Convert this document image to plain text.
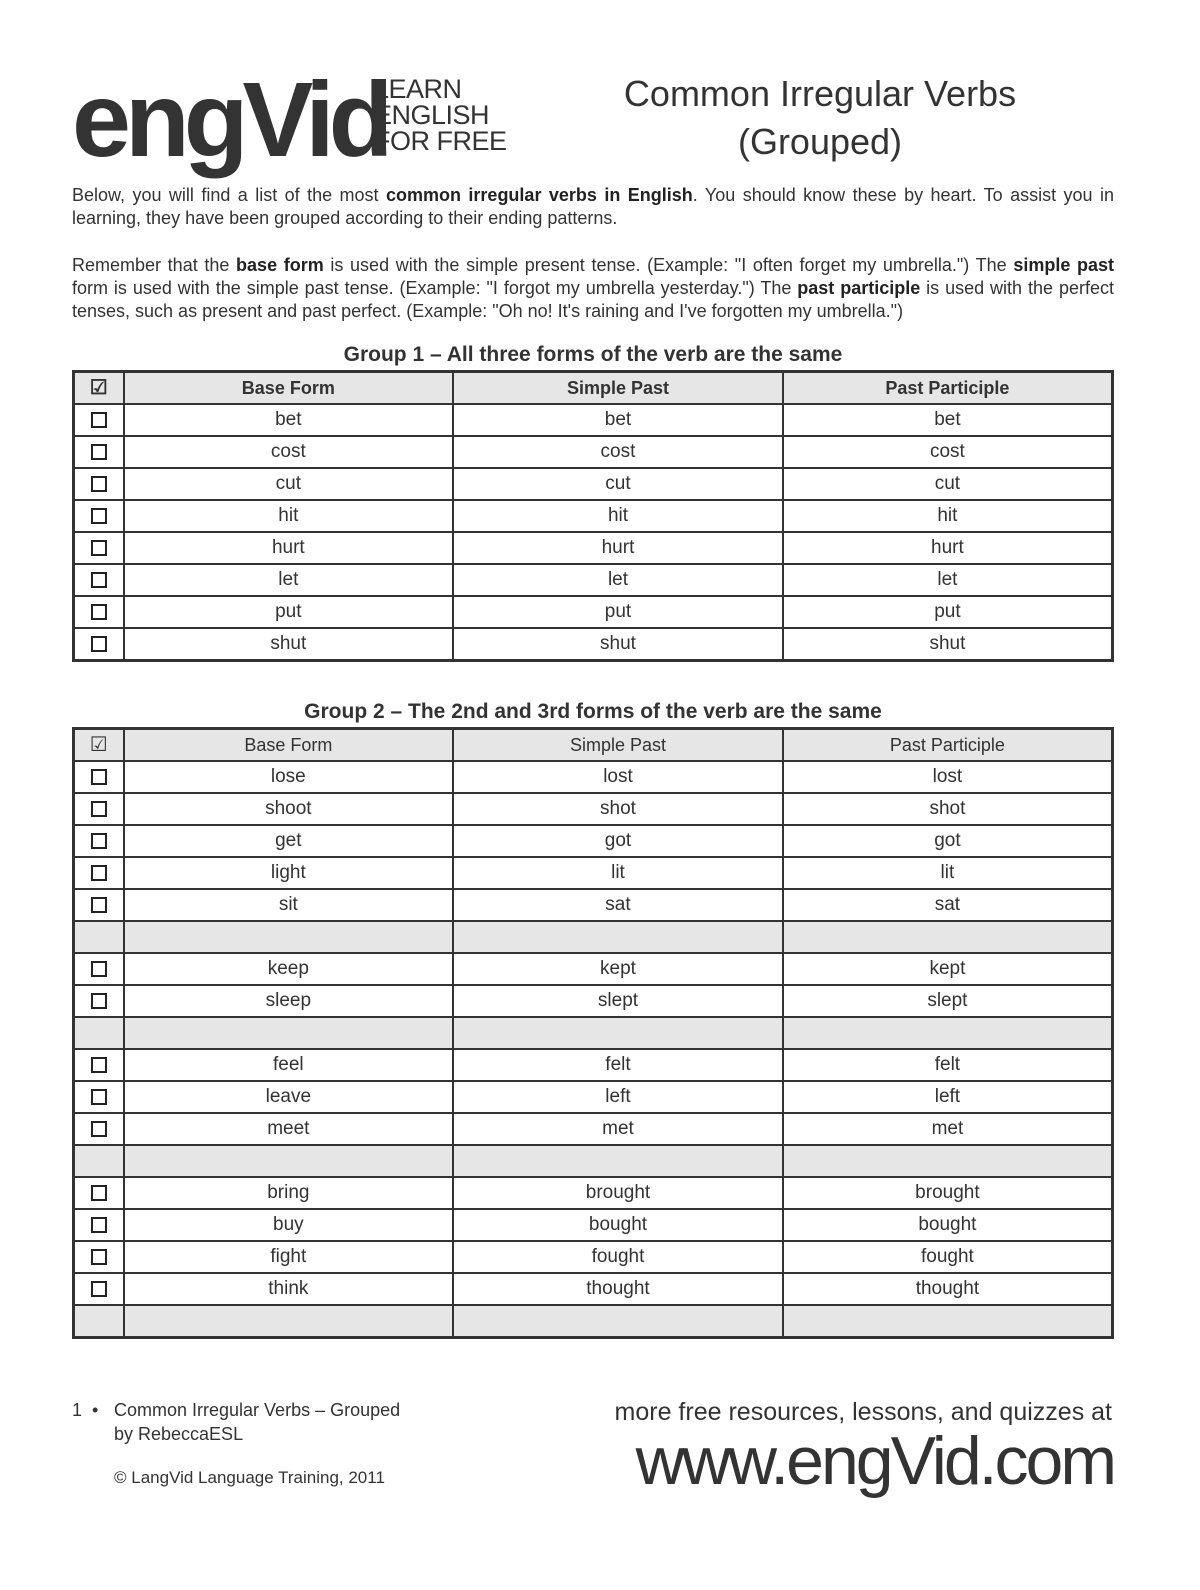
engVid
LEARN
ENGLISH
FOR FREE
Common Irregular Verbs
(Grouped)

Below, you will find a list of the most common irregular verbs in English. You should know these by heart. To assist you in learning, they have been grouped according to their ending patterns.

Remember that the base form is used with the simple present tense. (Example: "I often forget my umbrella.") The simple past form is used with the simple past tense. (Example: "I forgot my umbrella yesterday.") The past participle is used with the perfect tenses, such as present and past perfect. (Example: "Oh no! It's raining and I've forgotten my umbrella.")

Group 1 – All three forms of the verb are the same
☑	Base Form	Simple Past	Past Participle
	bet	bet	bet
	cost	cost	cost
	cut	cut	cut
	hit	hit	hit
	hurt	hurt	hurt
	let	let	let
	put	put	put
	shut	shut	shut
Group 2 – The 2nd and 3rd forms of the verb are the same
☑	Base Form	Simple Past	Past Participle
	lose	lost	lost
	shoot	shot	shot
	get	got	got
	light	lit	lit
	sit	sat	sat

	keep	kept	kept
	sleep	slept	slept

	feel	felt	felt
	leave	left	left
	meet	met	met

	bring	brought	brought
	buy	bought	bought
	fight	fought	fought
	think	thought	thought

1 • Common Irregular Verbs – Grouped
by RebeccaESL
© LangVid Language Training, 2011
more free resources, lessons, and quizzes at
www.engVid.com
